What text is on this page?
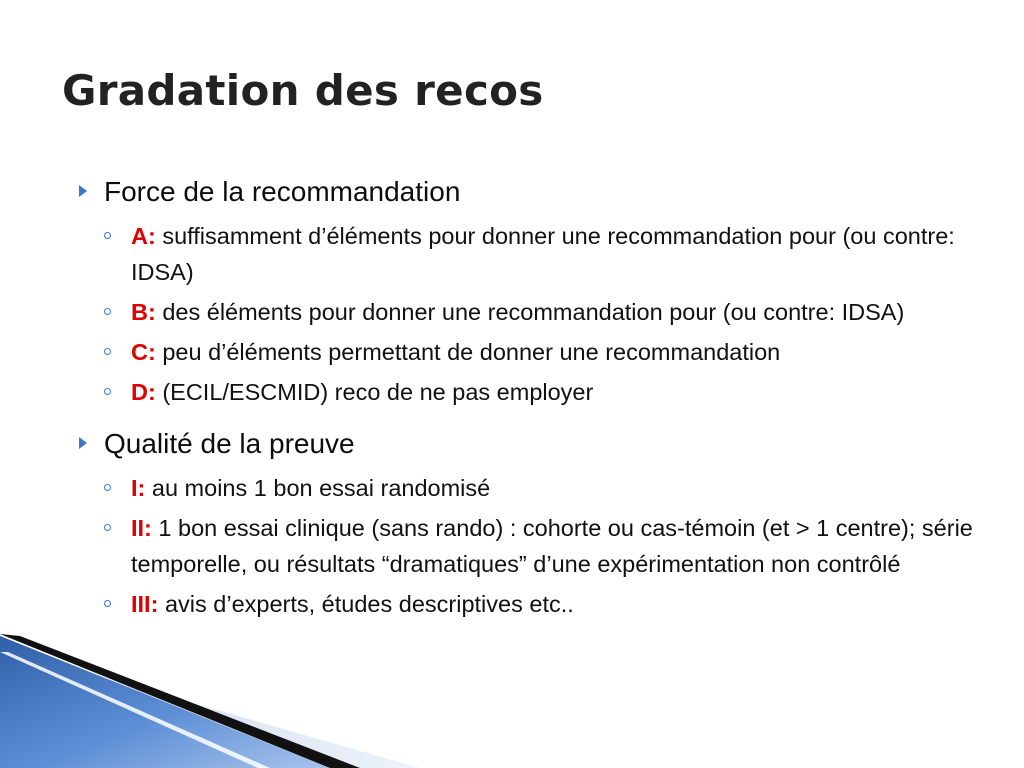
Gradation des recos
Force de la recommandation
A: suffisamment d’éléments pour donner une recommandation pour (ou contre: IDSA)
B: des éléments pour donner une recommandation pour (ou contre: IDSA)
C: peu d’éléments permettant de donner une recommandation
D: (ECIL/ESCMID) reco de ne pas employer
Qualité de la preuve
I: au moins 1 bon essai randomisé
II: 1 bon essai clinique (sans rando) : cohorte ou cas-témoin (et > 1 centre); série temporelle, ou résultats “dramatiques” d’une expérimentation non contrôlé
III: avis d’experts, études descriptives etc..
